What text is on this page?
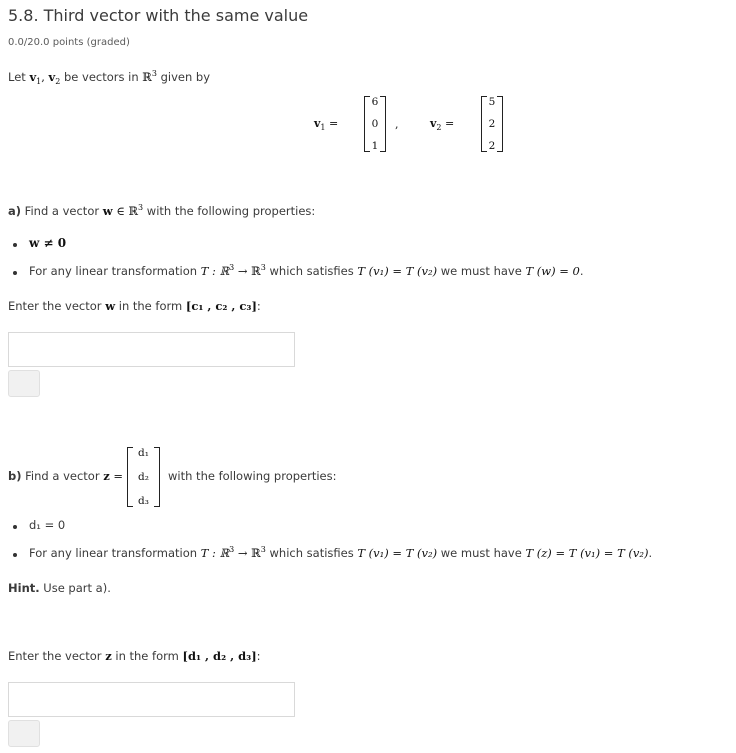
5.8. Third vector with the same value
0.0/20.0 points (graded)
Let $v_1$, $v_2$ be vectors in ℝ$^3$ given by
$v_1$ =
6
0
1
,	$v_2$ =
5
2
2
a) Find a vector w ∈ ℝ$^3$ with the following properties:
w ≠ 0
For any linear transformation T : ℝ$^3$ → ℝ$^3$ which satisfies T (v₁) = T (v₂) we must have T (w) = 0.
Enter the vector w in the form [c₁ , c₂ , c₃]:
b) Find a vector z =
d₁
d₂
d₃
with the following properties:
d₁ = 0
For any linear transformation T : ℝ$^3$ → ℝ$^3$ which satisfies T (v₁) = T (v₂) we must have T (z) = T (v₁) = T (v₂).
Hint. Use part a).
Enter the vector z in the form [d₁ , d₂ , d₃]:
